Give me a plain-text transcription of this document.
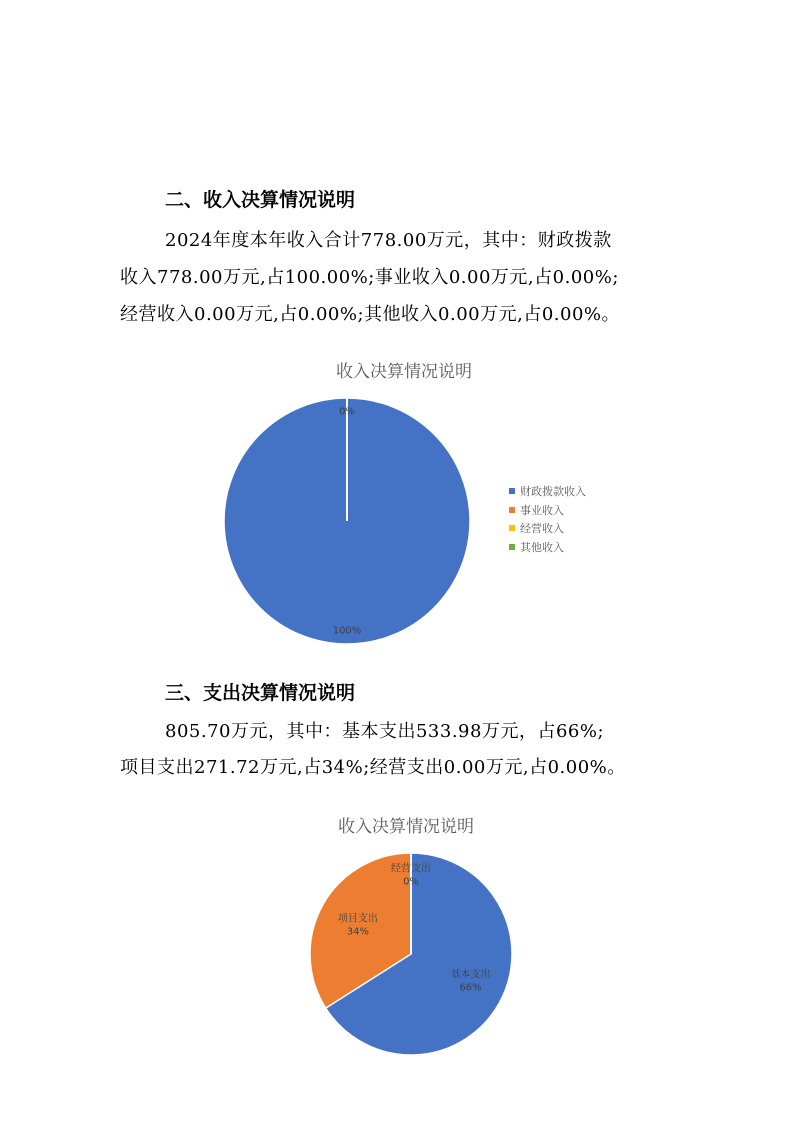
二、收入决算情况说明
2024年度本年收入合计778.00万元，其中：财政拨款
收入778.00万元,占100.00%;事业收入0.00万元,占0.00%;
经营收入0.00万元,占0.00%;其他收入0.00万元,占0.00%。
收入决算情况说明
100%
0%
财政拨款收入
事业收入
经营收入
其他收入
三、支出决算情况说明
805.70万元，其中：基本支出533.98万元，占66%;
项目支出271.72万元,占34%;经营支出0.00万元,占0.00%。
收入决算情况说明
基本支出
66%
项目支出
34%
经营支出
0%
